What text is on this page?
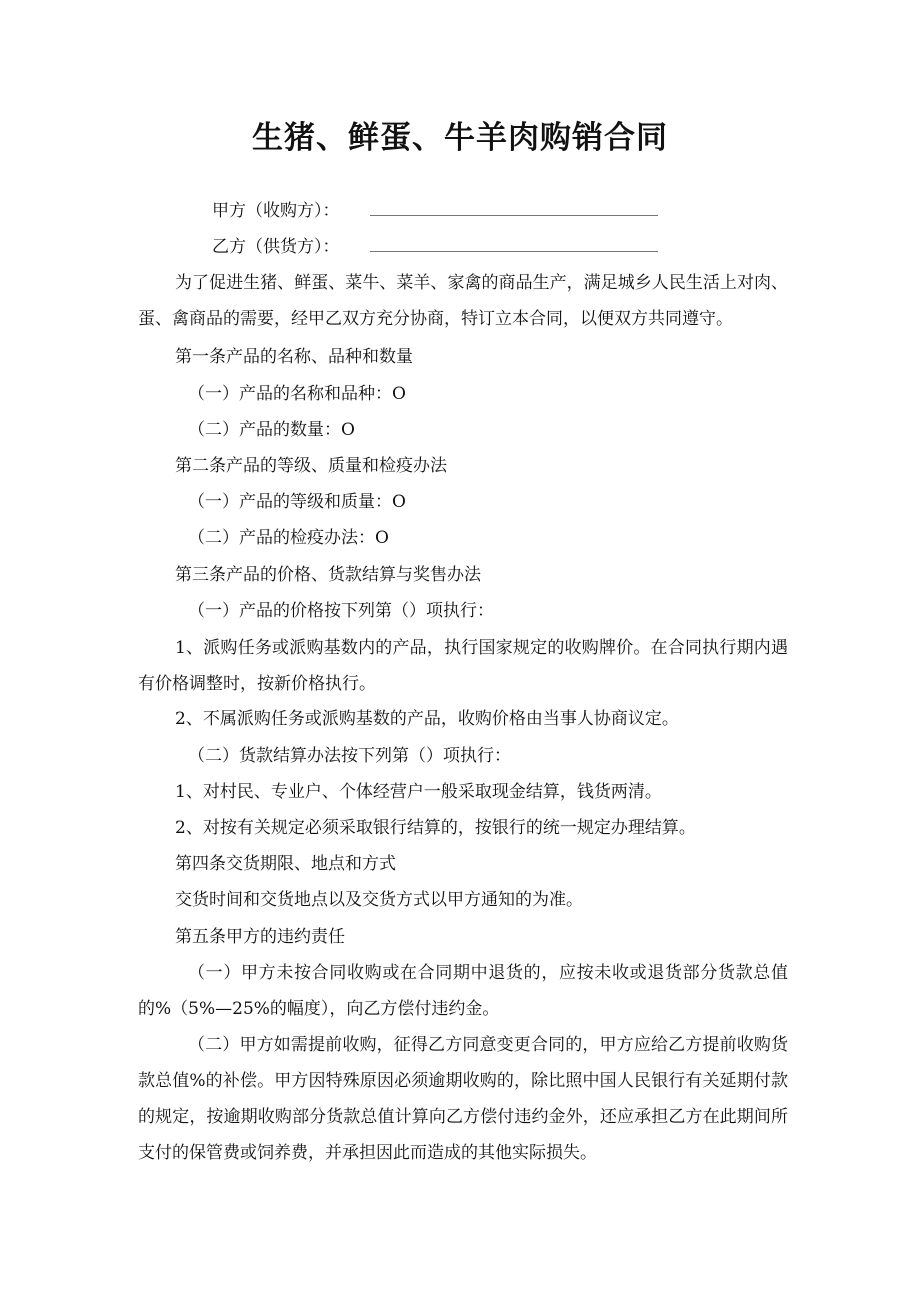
生猪、鲜蛋、牛羊肉购销合同
甲方（收购方）：
乙方（供货方）：

为了促进生猪、鲜蛋、菜牛、菜羊、家禽的商品生产，满足城乡人民生活上对肉、蛋、禽商品的需要，经甲乙双方充分协商，特订立本合同，以便双方共同遵守。

第一条产品的名称、品种和数量
（一）产品的名称和品种：O
（二）产品的数量：O
第二条产品的等级、质量和检疫办法
（一）产品的等级和质量：O
（二）产品的检疫办法：O
第三条产品的价格、货款结算与奖售办法
（一）产品的价格按下列第（）项执行：

1、派购任务或派购基数内的产品，执行国家规定的收购牌价。在合同执行期内遇有价格调整时，按新价格执行。

2、不属派购任务或派购基数的产品，收购价格由当事人协商议定。
（二）货款结算办法按下列第（）项执行：
1、对村民、专业户、个体经营户一般采取现金结算，钱货两清。
2、对按有关规定必须采取银行结算的，按银行的统一规定办理结算。
第四条交货期限、地点和方式
交货时间和交货地点以及交货方式以甲方通知的为准。
第五条甲方的违约责任

（一）甲方未按合同收购或在合同期中退货的，应按未收或退货部分货款总值的%（5%—25%的幅度），向乙方偿付违约金。

（二）甲方如需提前收购，征得乙方同意变更合同的，甲方应给乙方提前收购货款总值%的补偿。甲方因特殊原因必须逾期收购的，除比照中国人民银行有关延期付款的规定，按逾期收购部分货款总值计算向乙方偿付违约金外，还应承担乙方在此期间所支付的保管费或饲养费，并承担因此而造成的其他实际损失。
